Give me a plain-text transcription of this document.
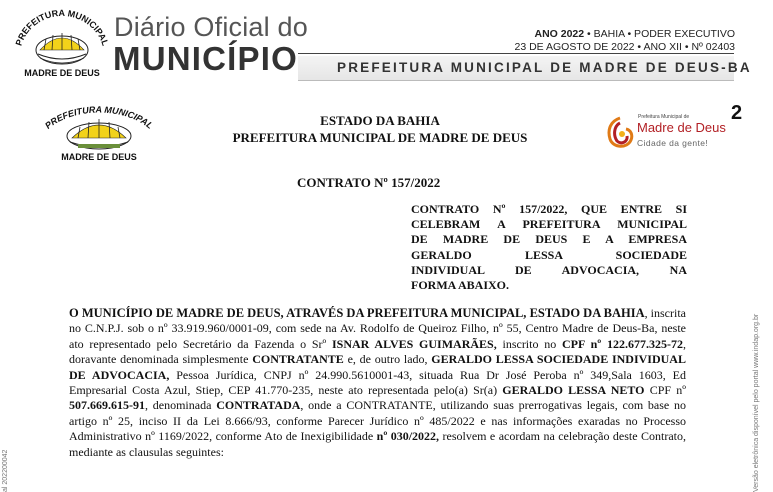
PREFEITURA MUNICIPAL
MADRE DE DEUS
Diário Oficial do
MUNICÍPIO
ANO 2022 • BAHIA • PODER EXECUTIVO
23 DE AGOSTO DE 2022 • ANO XII • Nº 02403
PREFEITURA MUNICIPAL DE MADRE DE DEUS-BA
2
PREFEITURA MUNICIPAL
MADRE DE DEUS
ESTADO DA BAHIA
PREFEITURA MUNICIPAL DE MADRE DE DEUS
Prefeitura Municipal de
Madre de Deus
Cidade da gente!
CONTRATO Nº 157/2022
CONTRATO Nº 157/2022, QUE ENTRE SI
CELEBRAM A PREFEITURA MUNICIPAL
DE MADRE DE DEUS E A EMPRESA
GERALDO LESSA SOCIEDADE
INDIVIDUAL DE ADVOCACIA, NA
FORMA ABAIXO.
O MUNICÍPIO DE MADRE DE DEUS, ATRAVÉS DA PREFEITURA MUNICIPAL, ESTADO DA BAHIA, inscrita no C.N.P.J. sob o nº 33.919.960/0001-09, com sede na Av. Rodolfo de Queiroz Filho, nº 55, Centro Madre de Deus-Ba, neste ato representado pelo Secretário da Fazenda o Srº ISNAR ALVES GUIMARÃES, inscrito no CPF nº 122.677.325-72, doravante denominada simplesmente CONTRATANTE e, de outro lado, GERALDO LESSA SOCIEDADE INDIVIDUAL DE ADVOCACIA, Pessoa Jurídica, CNPJ nº 24.990.5610001-43, situada Rua Dr José Peroba nº 349,Sala 1603, Ed Empresarial Costa Azul, Stiep, CEP 41.770-235, neste ato representada pelo(a) Sr(a) GERALDO LESSA NETO CPF nº 507.669.615-91, denominada CONTRATADA, onde a CONTRATANTE, utilizando suas prerrogativas legais, com base no artigo nº 25, inciso II da Lei 8.666/93, conforme Parecer Jurídico nº 485/2022 e nas informações exaradas no Processo Administrativo nº 1169/2022, conforme Ato de Inexigibilidade nº 030/2022, resolvem e acordam na celebração deste Contrato, mediante as clausulas seguintes:	Versão eletrônica disponível pelo portal www.indap.org.br
al 202200042
